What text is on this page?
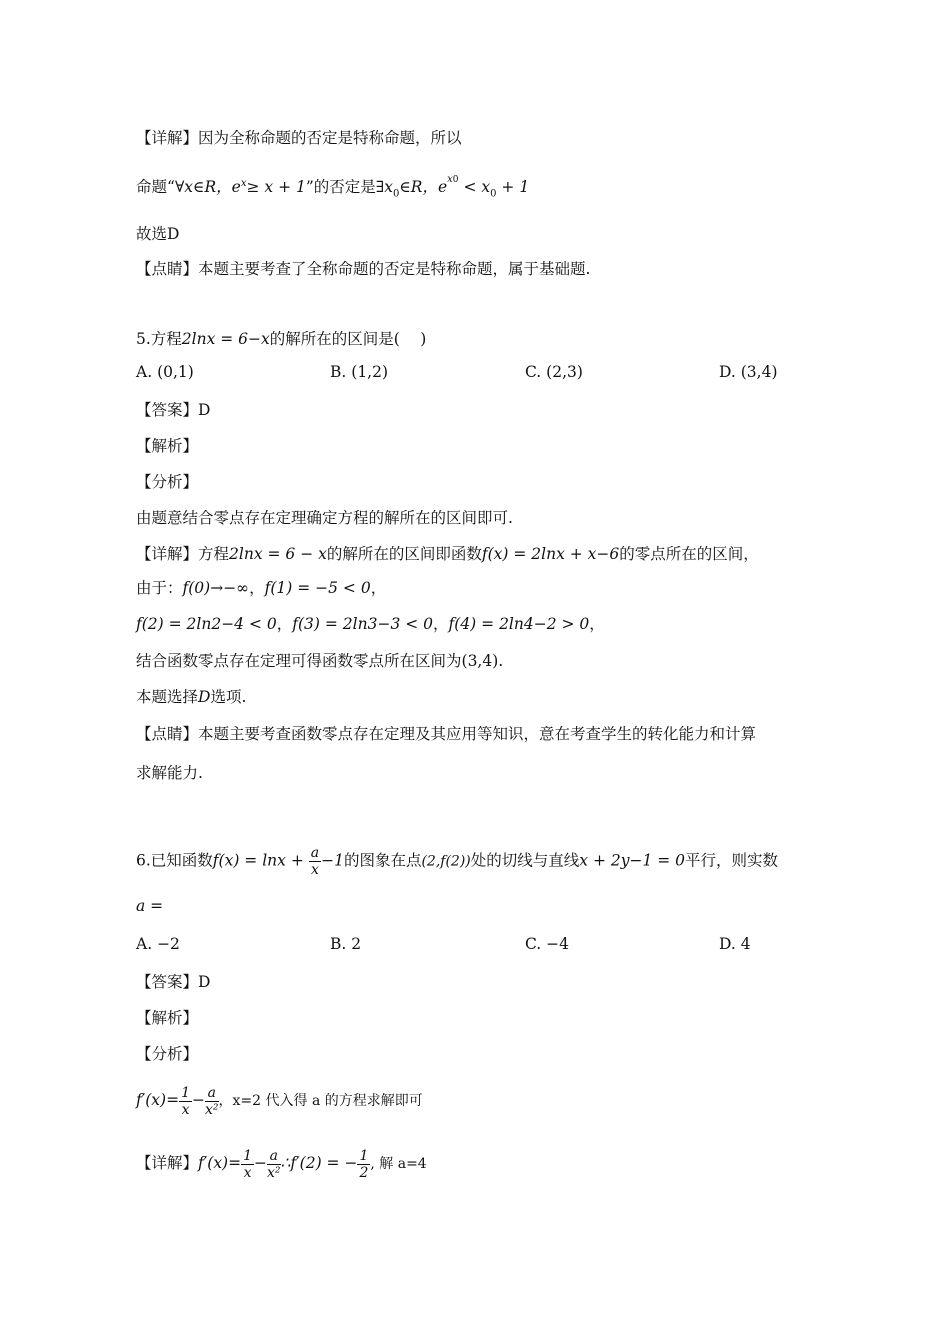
【详解】因为全称命题的否定是特称命题，所以
命题“∀x∈R，$e^x\ge x + 1$”的否定是$\exists x_0\in R$，$e^{x0} < x_0 + 1$
故选D
【点睛】本题主要考查了全称命题的否定是特称命题，属于基础题.
5.方程2lnx = 6−x的解所在的区间是(　 )
A. (0,1)	B. (1,2)	C. (2,3)	D. (3,4)
【答案】D
【解析】
【分析】
由题意结合零点存在定理确定方程的解所在的区间即可.
【详解】方程2lnx = 6 − x的解所在的区间即函数f(x) = 2lnx + x−6的零点所在的区间，
由于：f(0)→−∞，f(1) = −5 < 0，
f(2) = 2ln2−4 < 0，f(3) = 2ln3−3 < 0，f(4) = 2ln4−2 > 0，
结合函数零点存在定理可得函数零点所在区间为(3,4).
本题选择D选项.
【点睛】本题主要考查函数零点存在定理及其应用等知识，意在考查学生的转化能力和计算
求解能力.
6.已知函数$f(x) = \ln x + \frac{a}{x} -1$的图象在点(2,f(2))处的切线与直线x + 2y−1 = 0平行，则实数
a =
A. −2	B. 2	C. −4	D. 4
【答案】D
【解析】
【分析】
$f'(x)= \frac{1}{x} - \frac{a}{\text{x²}}$ ，x=2 代入得 a 的方程求解即可
【详解】$f'(x)= \frac{1}{x} - \frac{a}{\text{x²}}$ ∴f′(2) = − $\frac{1}{2}$ , 解 a=4
